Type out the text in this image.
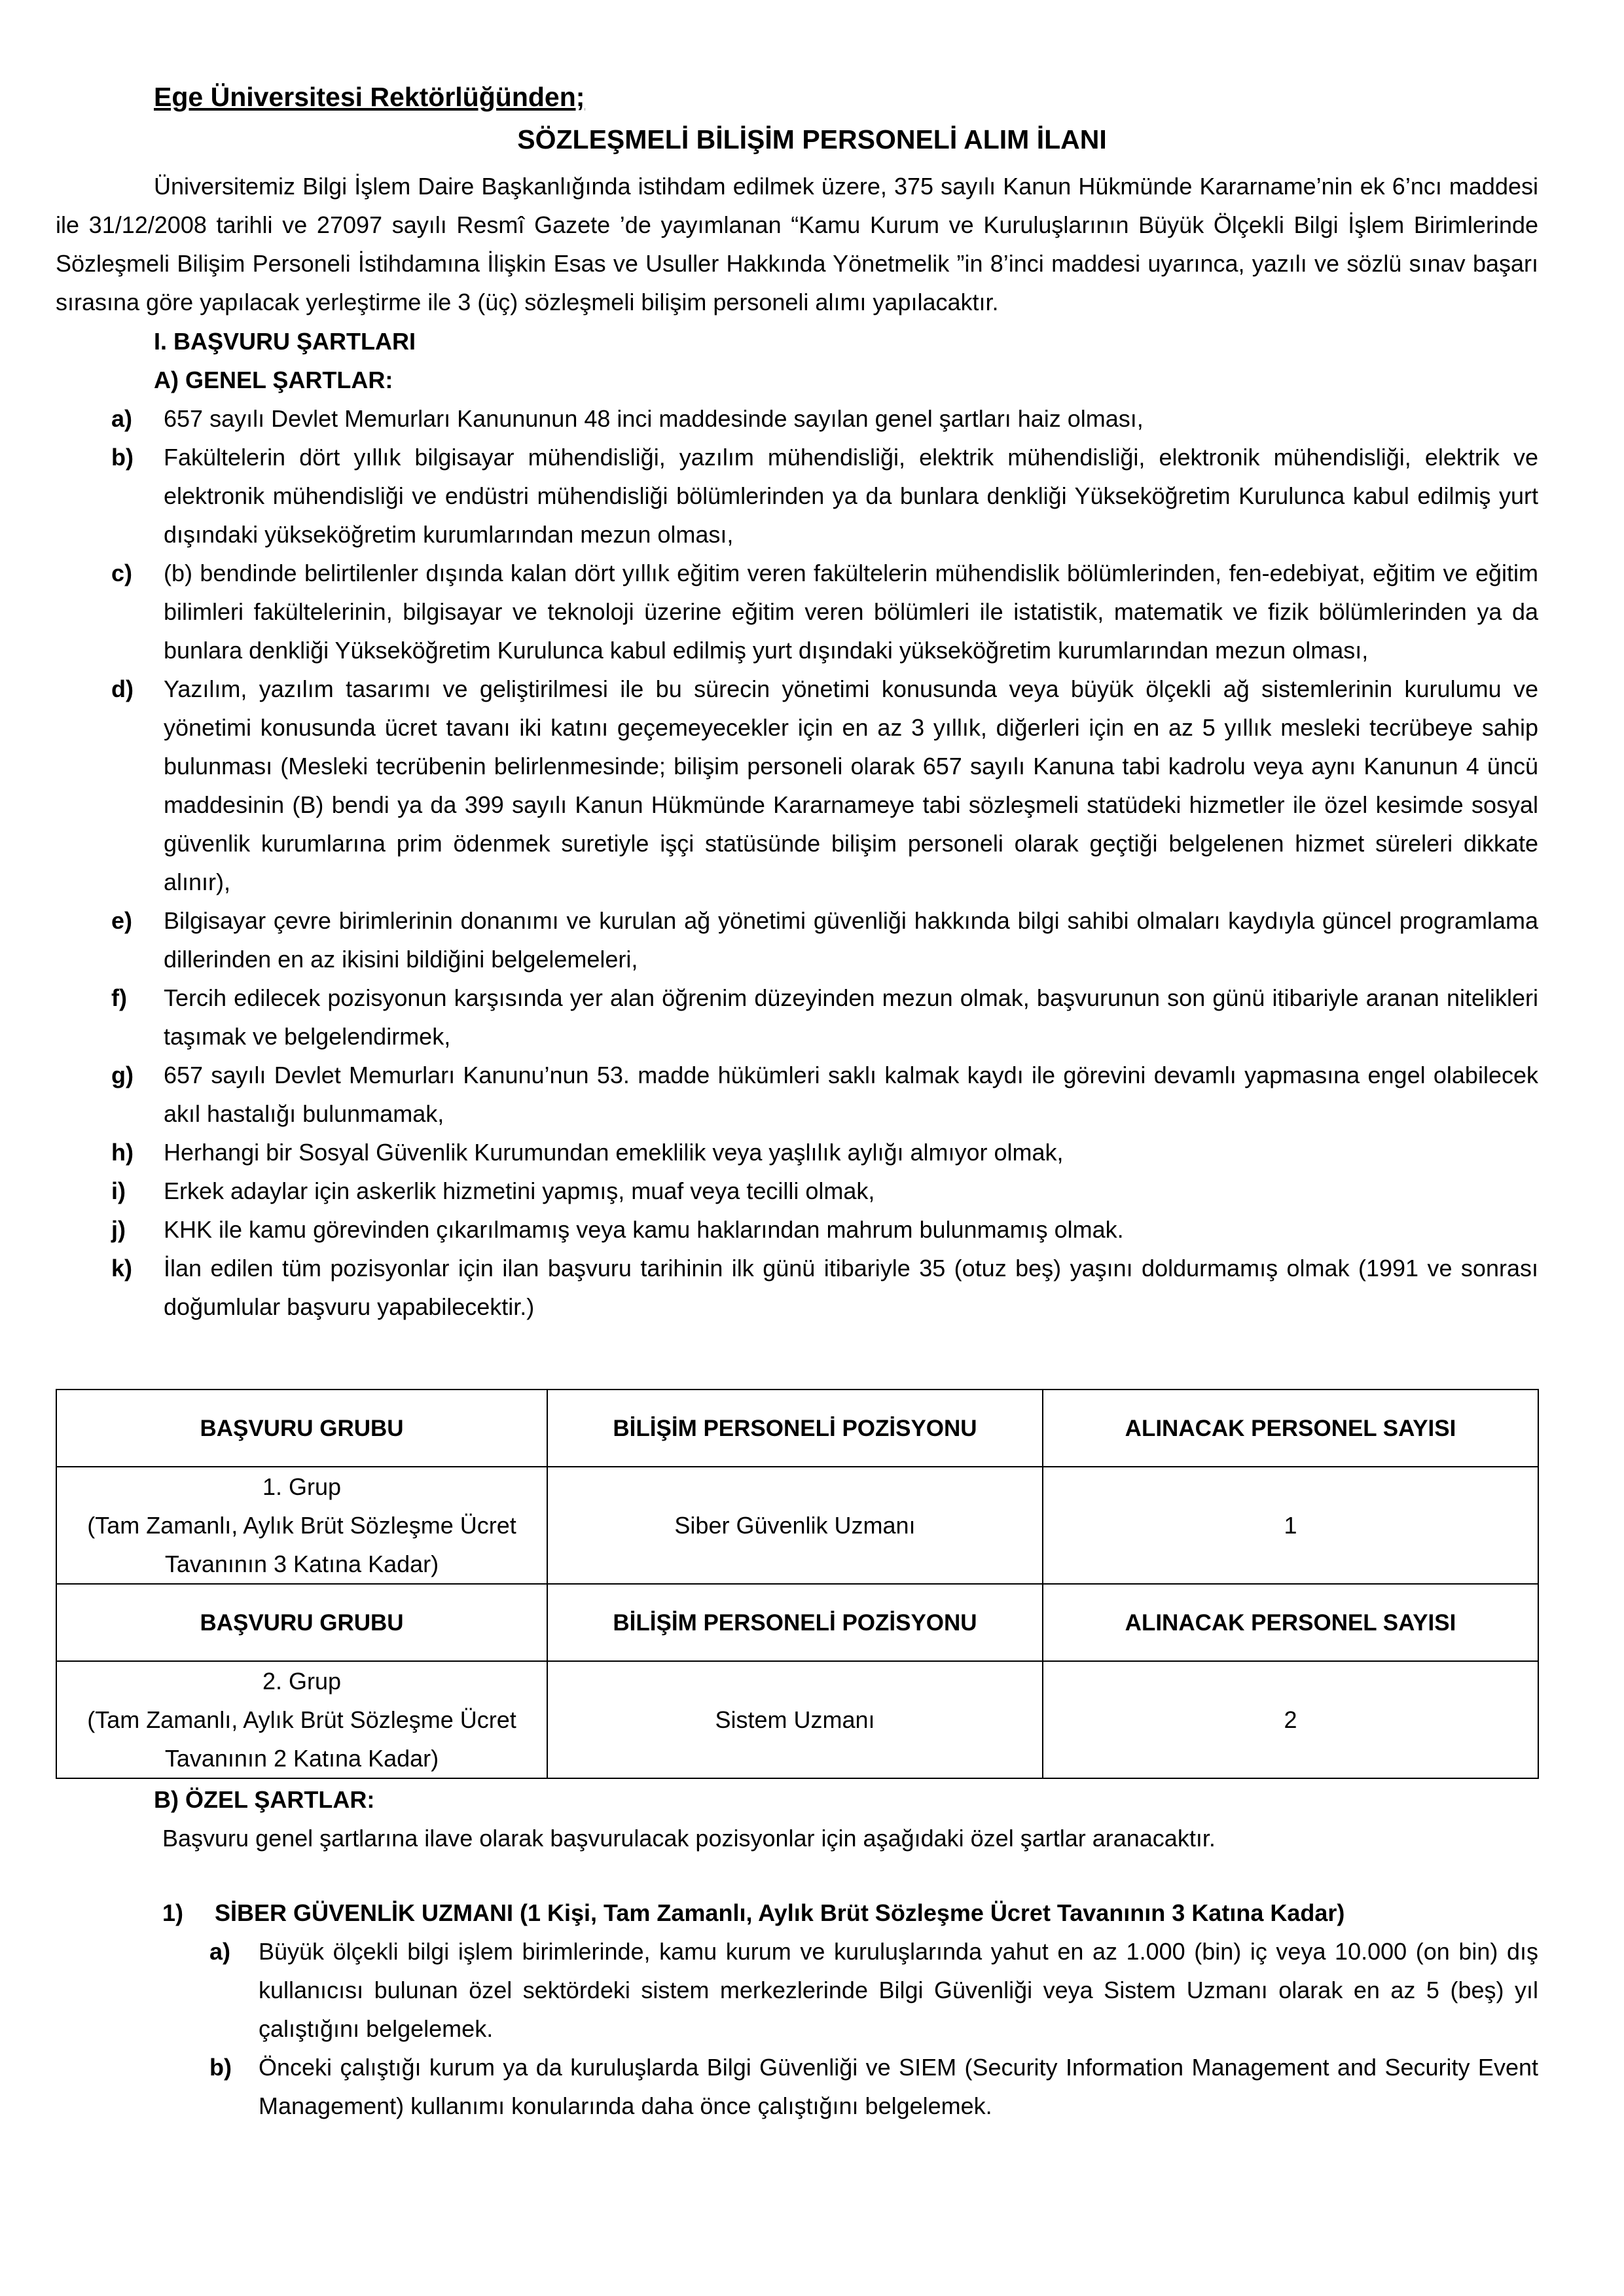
Ege Üniversitesi Rektörlüğünden;
SÖZLEŞMELİ BİLİŞİM PERSONELİ ALIM İLANI
Üniversitemiz Bilgi İşlem Daire Başkanlığında istihdam edilmek üzere, 375 sayılı Kanun Hükmünde Kararname’nin ek 6’ncı maddesi ile 31/12/2008 tarihli ve 27097 sayılı Resmî Gazete ’de yayımlanan “Kamu Kurum ve Kuruluşlarının Büyük Ölçekli Bilgi İşlem Birimlerinde Sözleşmeli Bilişim Personeli İstihdamına İlişkin Esas ve Usuller Hakkında Yönetmelik ”in 8’inci maddesi uyarınca, yazılı ve sözlü sınav başarı sırasına göre yapılacak yerleştirme ile 3 (üç) sözleşmeli bilişim personeli alımı yapılacaktır.
I. BAŞVURU ŞARTLARI
A) GENEL ŞARTLAR:
a)	657 sayılı Devlet Memurları Kanununun 48 inci maddesinde sayılan genel şartları haiz olması,
b)	Fakültelerin dört yıllık bilgisayar mühendisliği, yazılım mühendisliği, elektrik mühendisliği, elektronik mühendisliği, elektrik ve elektronik mühendisliği ve endüstri mühendisliği bölümlerinden ya da bunlara denkliği Yükseköğretim Kurulunca kabul edilmiş yurt dışındaki yükseköğretim kurumlarından mezun olması,
c)	(b) bendinde belirtilenler dışında kalan dört yıllık eğitim veren fakültelerin mühendislik bölümlerinden, fen-edebiyat, eğitim ve eğitim bilimleri fakültelerinin, bilgisayar ve teknoloji üzerine eğitim veren bölümleri ile istatistik, matematik ve fizik bölümlerinden ya da bunlara denkliği Yükseköğretim Kurulunca kabul edilmiş yurt dışındaki yükseköğretim kurumlarından mezun olması,
d)	Yazılım, yazılım tasarımı ve geliştirilmesi ile bu sürecin yönetimi konusunda veya büyük ölçekli ağ sistemlerinin kurulumu ve yönetimi konusunda ücret tavanı iki katını geçemeyecekler için en az 3 yıllık, diğerleri için en az 5 yıllık mesleki tecrübeye sahip bulunması (Mesleki tecrübenin belirlenmesinde; bilişim personeli olarak 657 sayılı Kanuna tabi kadrolu veya aynı Kanunun 4 üncü maddesinin (B) bendi ya da 399 sayılı Kanun Hükmünde Kararnameye tabi sözleşmeli statüdeki hizmetler ile özel kesimde sosyal güvenlik kurumlarına prim ödenmek suretiyle işçi statüsünde bilişim personeli olarak geçtiği belgelenen hizmet süreleri dikkate alınır),
e)	Bilgisayar çevre birimlerinin donanımı ve kurulan ağ yönetimi güvenliği hakkında bilgi sahibi olmaları kaydıyla güncel programlama dillerinden en az ikisini bildiğini belgelemeleri,
f)	Tercih edilecek pozisyonun karşısında yer alan öğrenim düzeyinden mezun olmak, başvurunun son günü itibariyle aranan nitelikleri taşımak ve belgelendirmek,
g)	657 sayılı Devlet Memurları Kanunu’nun 53. madde hükümleri saklı kalmak kaydı ile görevini devamlı yapmasına engel olabilecek akıl hastalığı bulunmamak,
h)	Herhangi bir Sosyal Güvenlik Kurumundan emeklilik veya yaşlılık aylığı almıyor olmak,
i)	Erkek adaylar için askerlik hizmetini yapmış, muaf veya tecilli olmak,
j)	KHK ile kamu görevinden çıkarılmamış veya kamu haklarından mahrum bulunmamış olmak.
k)	İlan edilen tüm pozisyonlar için ilan başvuru tarihinin ilk günü itibariyle 35 (otuz beş) yaşını doldurmamış olmak (1991 ve sonrası doğumlular başvuru yapabilecektir.)
BAŞVURU GRUBU	BİLİŞİM PERSONELİ POZİSYONU	ALINACAK PERSONEL SAYISI

1. Grup
(Tam Zamanlı, Aylık Brüt Sözleşme Ücret
Tavanının 3 Katına Kadar)	Siber Güvenlik Uzmanı	1
BAŞVURU GRUBU	BİLİŞİM PERSONELİ POZİSYONU	ALINACAK PERSONEL SAYISI

2. Grup
(Tam Zamanlı, Aylık Brüt Sözleşme Ücret
Tavanının 2 Katına Kadar)	Sistem Uzmanı	2
B) ÖZEL ŞARTLAR:
Başvuru genel şartlarına ilave olarak başvurulacak pozisyonlar için aşağıdaki özel şartlar aranacaktır.
1) SİBER GÜVENLİK UZMANI (1 Kişi, Tam Zamanlı, Aylık Brüt Sözleşme Ücret Tavanının 3 Katına Kadar)
a)	Büyük ölçekli bilgi işlem birimlerinde, kamu kurum ve kuruluşlarında yahut en az 1.000 (bin) iç veya 10.000 (on bin) dış kullanıcısı bulunan özel sektördeki sistem merkezlerinde Bilgi Güvenliği veya Sistem Uzmanı olarak en az 5 (beş) yıl çalıştığını belgelemek.
b)	Önceki çalıştığı kurum ya da kuruluşlarda Bilgi Güvenliği ve SIEM (Security Information Management and Security Event Management) kullanımı konularında daha önce çalıştığını belgelemek.
